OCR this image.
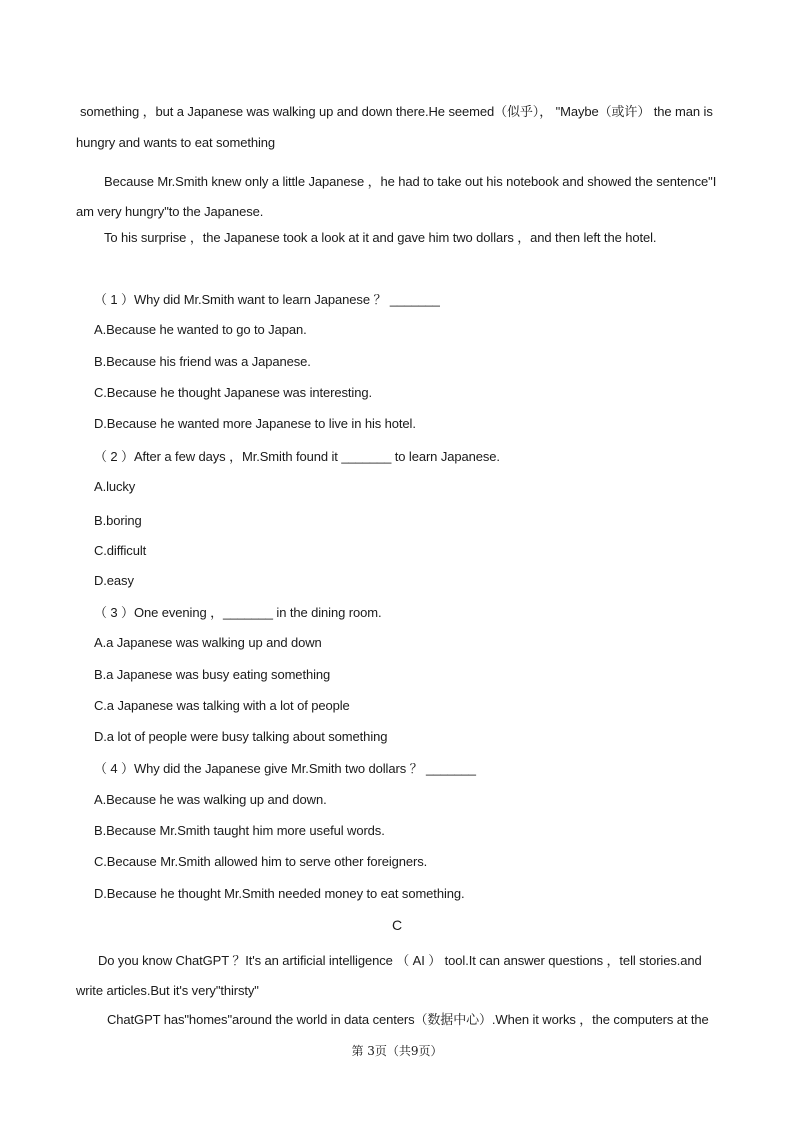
something ，but a Japanese was walking up and down there.He seemed（似乎）， "Maybe（或许） the man is
hungry and wants to eat something
Because Mr.Smith knew only a little Japanese ，he had to take out his notebook and showed the sentence"I
am very hungry"to the Japanese.
To his surprise ，the Japanese took a look at it and gave him two dollars ，and then left the hotel.
（ 1 ）Why did Mr.Smith want to learn Japanese ？ _______
A.Because he wanted to go to Japan.
B.Because his friend was a Japanese.
C.Because he thought Japanese was interesting.
D.Because he wanted more Japanese to live in his hotel.
（ 2 ）After a few days ，Mr.Smith found it _______ to learn Japanese.
A.lucky
B.boring
C.difficult
D.easy
（ 3 ）One evening ，_______ in the dining room.
A.a Japanese was walking up and down
B.a Japanese was busy eating something
C.a Japanese was talking with a lot of people
D.a lot of people were busy talking about something
（ 4 ）Why did the Japanese give Mr.Smith two dollars ？ _______
A.Because he was walking up and down.
B.Because Mr.Smith taught him more useful words.
C.Because Mr.Smith allowed him to serve other foreigners.
D.Because he thought Mr.Smith needed money to eat something.
C
Do you know ChatGPT ？It's an artificial intelligence （ AI ） tool.It can answer questions ，tell stories.and
write articles.But it's very"thirsty"
ChatGPT has"homes"around the world in data centers（数据中心）.When it works ，the computers at the
第 3页（共9页）
